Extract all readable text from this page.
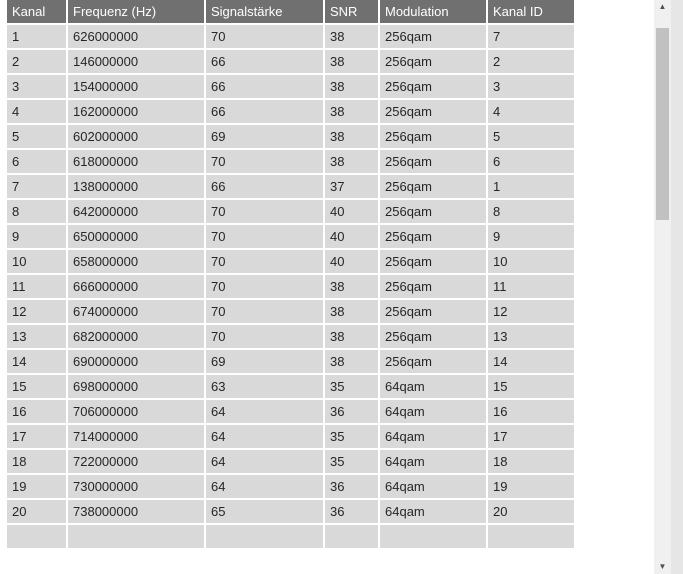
Kanal	Frequenz (Hz)	Signalstärke	SNR	Modulation	Kanal ID
1	626000000	70	38	256qam	7
2	146000000	66	38	256qam	2
3	154000000	66	38	256qam	3
4	162000000	66	38	256qam	4
5	602000000	69	38	256qam	5
6	618000000	70	38	256qam	6
7	138000000	66	37	256qam	1
8	642000000	70	40	256qam	8
9	650000000	70	40	256qam	9
10	658000000	70	40	256qam	10
11	666000000	70	38	256qam	11
12	674000000	70	38	256qam	12
13	682000000	70	38	256qam	13
14	690000000	69	38	256qam	14
15	698000000	63	35	64qam	15
16	706000000	64	36	64qam	16
17	714000000	64	35	64qam	17
18	722000000	64	35	64qam	18
19	730000000	64	36	64qam	19
20	738000000	65	36	64qam	20

▲
▼
